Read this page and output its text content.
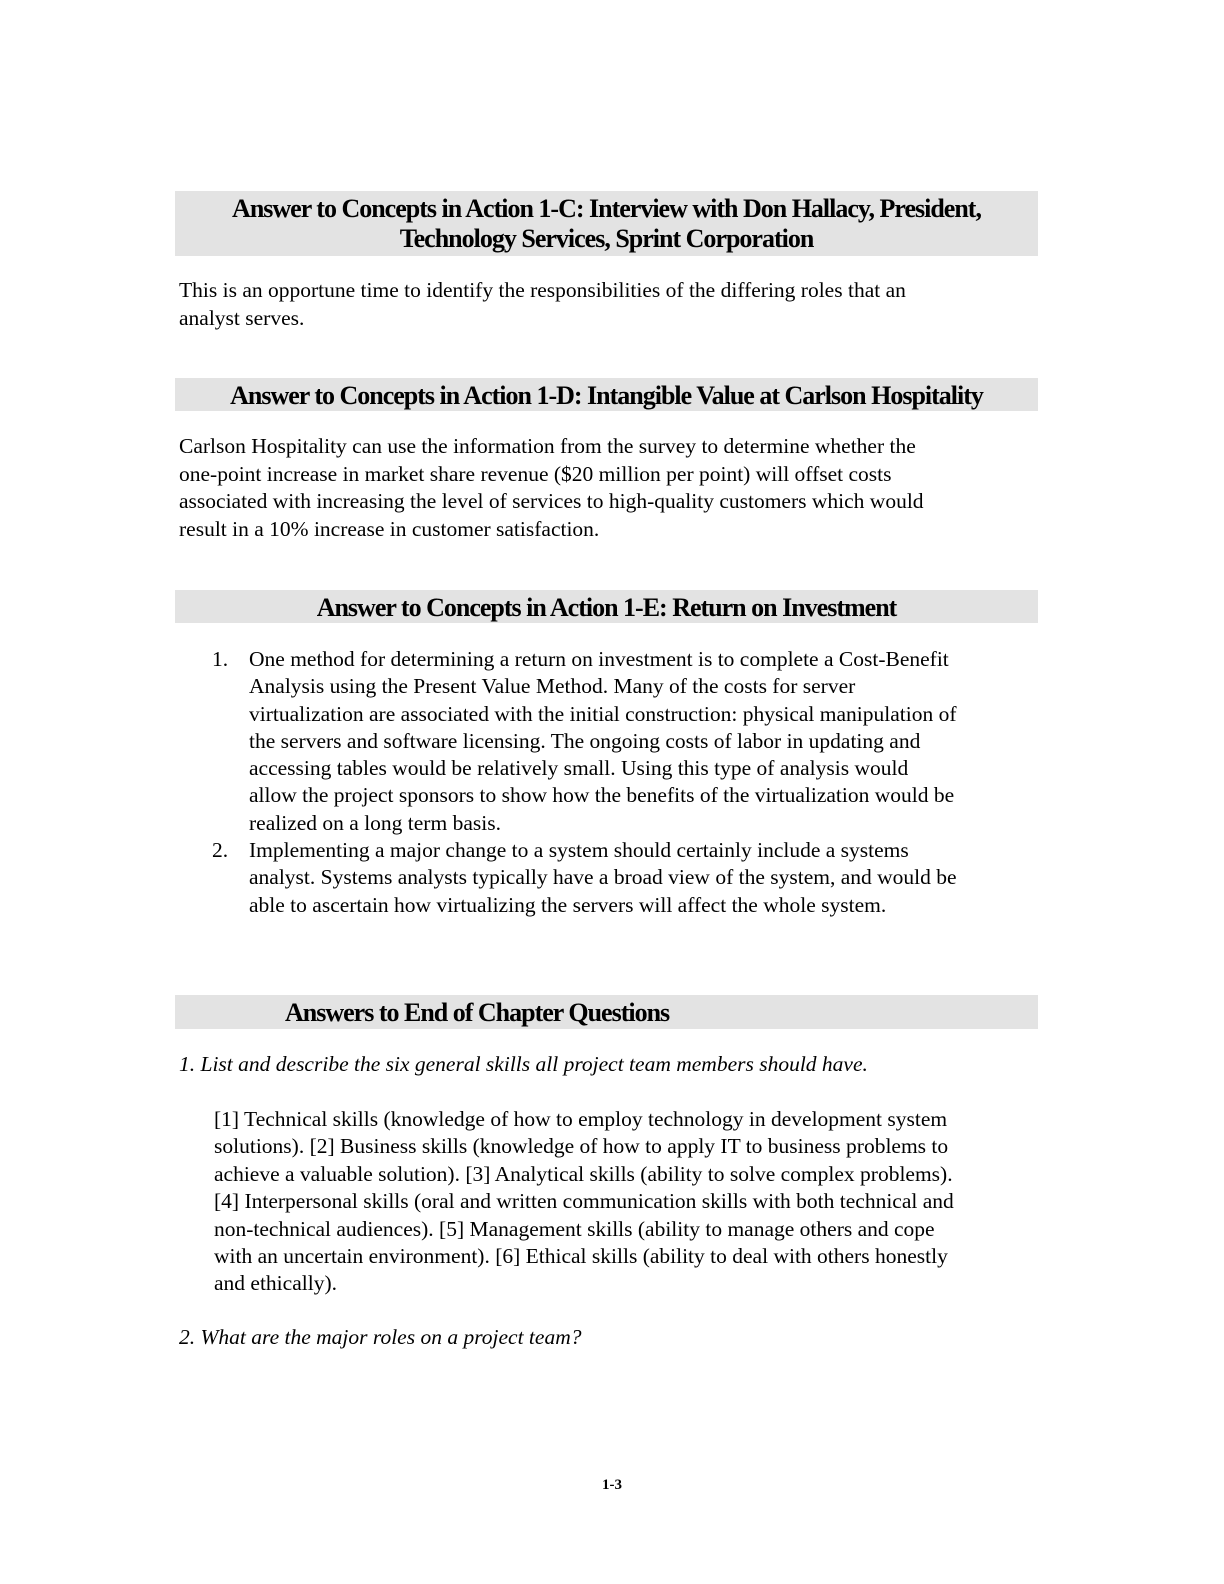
Answer to Concepts in Action 1-C: Interview with Don Hallacy, President,
Technology Services, Sprint Corporation

This is an opportune time to identify the responsibilities of the differing roles that an
analyst serves.

Answer to Concepts in Action 1-D: Intangible Value at Carlson Hospitality

Carlson Hospitality can use the information from the survey to determine whether the
one-point increase in market share revenue ($20 million per point) will offset costs
associated with increasing the level of services to high-quality customers which would
result in a 10% increase in customer satisfaction.

Answer to Concepts in Action 1-E: Return on Investment
1. One method for determining a return on investment is to complete a Cost-Benefit
Analysis using the Present Value Method. Many of the costs for server
virtualization are associated with the initial construction: physical manipulation of
the servers and software licensing. The ongoing costs of labor in updating and
accessing tables would be relatively small. Using this type of analysis would
allow the project sponsors to show how the benefits of the virtualization would be
realized on a long term basis.
2. Implementing a major change to a system should certainly include a systems
analyst. Systems analysts typically have a broad view of the system, and would be
able to ascertain how virtualizing the servers will affect the whole system.
Answers to End of Chapter Questions
1. List and describe the six general skills all project team members should have.
[1] Technical skills (knowledge of how to employ technology in development system
solutions). [2] Business skills (knowledge of how to apply IT to business problems to
achieve a valuable solution). [3] Analytical skills (ability to solve complex problems).
[4] Interpersonal skills (oral and written communication skills with both technical and
non-technical audiences). [5] Management skills (ability to manage others and cope
with an uncertain environment). [6] Ethical skills (ability to deal with others honestly
and ethically).
2. What are the major roles on a project team?
1-3
